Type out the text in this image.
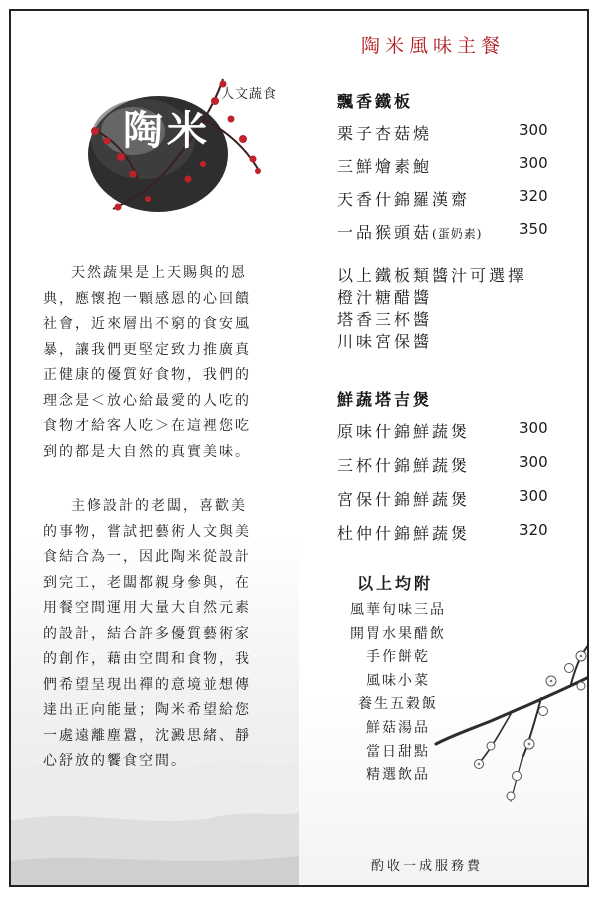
陶米
人文蔬食
天然蔬果是上天賜與的恩
典，應懷抱一顆感恩的心回饋
社會，近來層出不窮的食安風
暴，讓我們更堅定致力推廣真
正健康的優質好食物，我們的
理念是＜放心給最愛的人吃的
食物才給客人吃＞在這裡您吃
到的都是大自然的真實美味。
主修設計的老闆，喜歡美
的事物，嘗試把藝術人文與美
食結合為一，因此陶米從設計
到完工，老闆都親身參與，在
用餐空間運用大量大自然元素
的設計，結合許多優質藝術家
的創作，藉由空間和食物，我
們希望呈現出禪的意境並想傳
達出正向能量；陶米希望給您
一處遠離塵囂，沈澱思緒、靜
心舒放的饗食空間。
陶米風味主餐
飄香鐵板
栗子杏菇燒	300
三鮮燴素鮑	300
天香什錦羅漢齋	320
一品猴頭菇(蛋奶素) 350
以上鐵板類醬汁可選擇
橙汁糖醋醬
塔香三杯醬
川味宮保醬
鮮蔬塔吉煲
原味什錦鮮蔬煲	300
三杯什錦鮮蔬煲	300
宮保什錦鮮蔬煲	300
杜仲什錦鮮蔬煲	320
以上均附
風華旬味三品
開胃水果醋飲
手作餅乾
風味小菜
養生五穀飯
鮮菇湯品
當日甜點
精選飲品
酌收一成服務費
